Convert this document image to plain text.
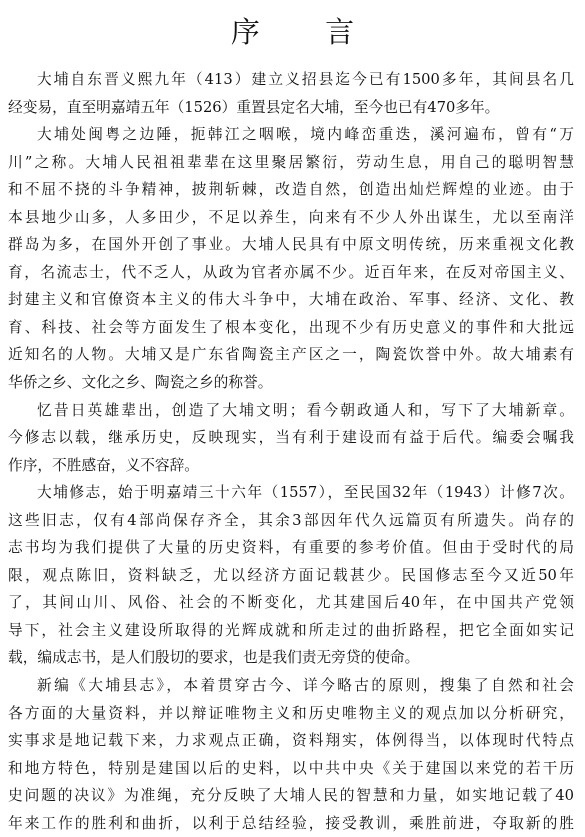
序 言

大埔自东晋义熙九年（413）建立义招县迄今已有1500多年，其间县名几
经变易，直至明嘉靖五年（1526）重置县定名大埔，至今也已有470多年。

大埔处闽粤之边陲，扼韩江之咽喉，境内峰峦重迭，溪河遍布，曾有“万
川”之称。大埔人民祖祖辈辈在这里聚居繁衍，劳动生息，用自己的聪明智慧
和不屈不挠的斗争精神，披荆斩棘，改造自然，创造出灿烂辉煌的业迹。由于
本县地少山多，人多田少，不足以养生，向来有不少人外出谋生，尤以至南洋
群岛为多，在国外开创了事业。大埔人民具有中原文明传统，历来重视文化教
育，名流志士，代不乏人，从政为官者亦属不少。近百年来，在反对帝国主义、
封建主义和官僚资本主义的伟大斗争中，大埔在政治、军事、经济、文化、教
育、科技、社会等方面发生了根本变化，出现不少有历史意义的事件和大批远
近知名的人物。大埔又是广东省陶瓷主产区之一，陶瓷饮誉中外。故大埔素有
华侨之乡、文化之乡、陶瓷之乡的称誉。

忆昔日英雄辈出，创造了大埔文明；看今朝政通人和，写下了大埔新章。
今修志以载，继承历史，反映现实，当有利于建设而有益于后代。编委会嘱我
作序，不胜感奋，义不容辞。

大埔修志，始于明嘉靖三十六年（1557），至民国32年（1943）计修7次。
这些旧志，仅有4部尚保存齐全，其余3部因年代久远篇页有所遗失。尚存的
志书均为我们提供了大量的历史资料，有重要的参考价值。但由于受时代的局
限，观点陈旧，资料缺乏，尤以经济方面记载甚少。民国修志至今又近50年
了，其间山川、风俗、社会的不断变化，尤其建国后40年，在中国共产党领
导下，社会主义建设所取得的光辉成就和所走过的曲折路程，把它全面如实记
载，编成志书，是人们殷切的要求，也是我们责无旁贷的使命。

新编《大埔县志》，本着贯穿古今、详今略古的原则，搜集了自然和社会
各方面的大量资料，并以辩证唯物主义和历史唯物主义的观点加以分析研究，
实事求是地记载下来，力求观点正确，资料翔实，体例得当，以体现时代特点
和地方特色，特别是建国以后的史料，以中共中央《关于建国以来党的若干历
史问题的决议》为准绳，充分反映了大埔人民的智慧和力量，如实地记载了40
年来工作的胜利和曲折，以利于总结经验，接受教训，乘胜前进，夺取新的胜
